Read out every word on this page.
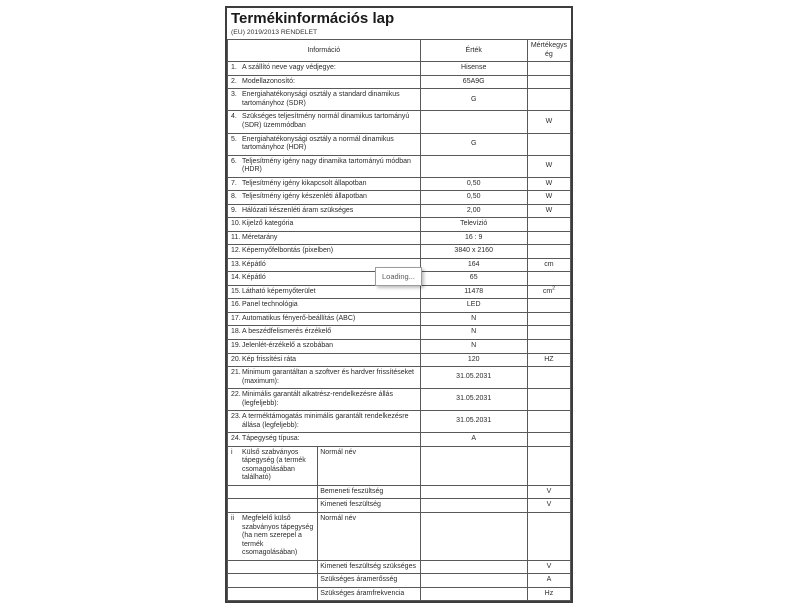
Termékinformációs lap
(EU) 2019/2013 RENDELET
Információ		Érték	Mértékegység

1. A szállító neve vagy védjegye:		Hisense	

2. Modellazonosító:		65A9G	

3. Energiahatékonysági osztály a standard dinamikus tartományhoz (SDR)		G	

4. Szükséges teljesítmény normál dinamikus tartományú (SDR) üzemmódban			W

5. Energiahatékonysági osztály a normál dinamikus tartományhoz (HDR)		G	

6. Teljesítmény igény nagy dinamika tartományú módban (HDR)			W

7. Teljesítmény igény kikapcsolt állapotban		0,50	W

8. Teljesítmény igény készenléti állapotban		0,50	W

9. Hálózati készenléti áram szükséges		2,00	W

10. Kijelző kategória		Televízió	

11. Méretarány		16 : 9	

12. Képernyőfelbontás (pixelben)		3840 x 2160	

13. Képátló		164	cm

14. Képátló		65	

15. Látható képernyőterület		11478	$cm^2$

16. Panel technológia		LED	

17. Automatikus fényerő-beállítás (ABC)		N	

18. A beszédfelismerés érzékelő		N	

19. Jelenlét-érzékelő a szobában		N	

20. Kép frissítési ráta		120	HZ

21. Minimum garantáltan a szoftver és hardver frissítéseket (maximum):		31.05.2031	

22. Minimális garantált alkatrész-rendelkezésre állás (legfeljebb):		31.05.2031	

23. A terméktámogatás minimális garantált rendelkezésre állása (legfeljebb):		31.05.2031	

24. Tápegység típusa:		A	

i Külső szabványos tápegység (a termék csomagolásában található)	Normál név		

	Bemeneti feszültség		V

	Kimeneti feszültség		V

ii Megfelelő külső szabványos tápegység (ha nem szerepel a termék csomagolásában)	Normál név		

	Kimeneti feszültség szükséges		V

	Szükséges áramerősség		A

	Szükséges áramfrekvencia		Hz
Loading...
